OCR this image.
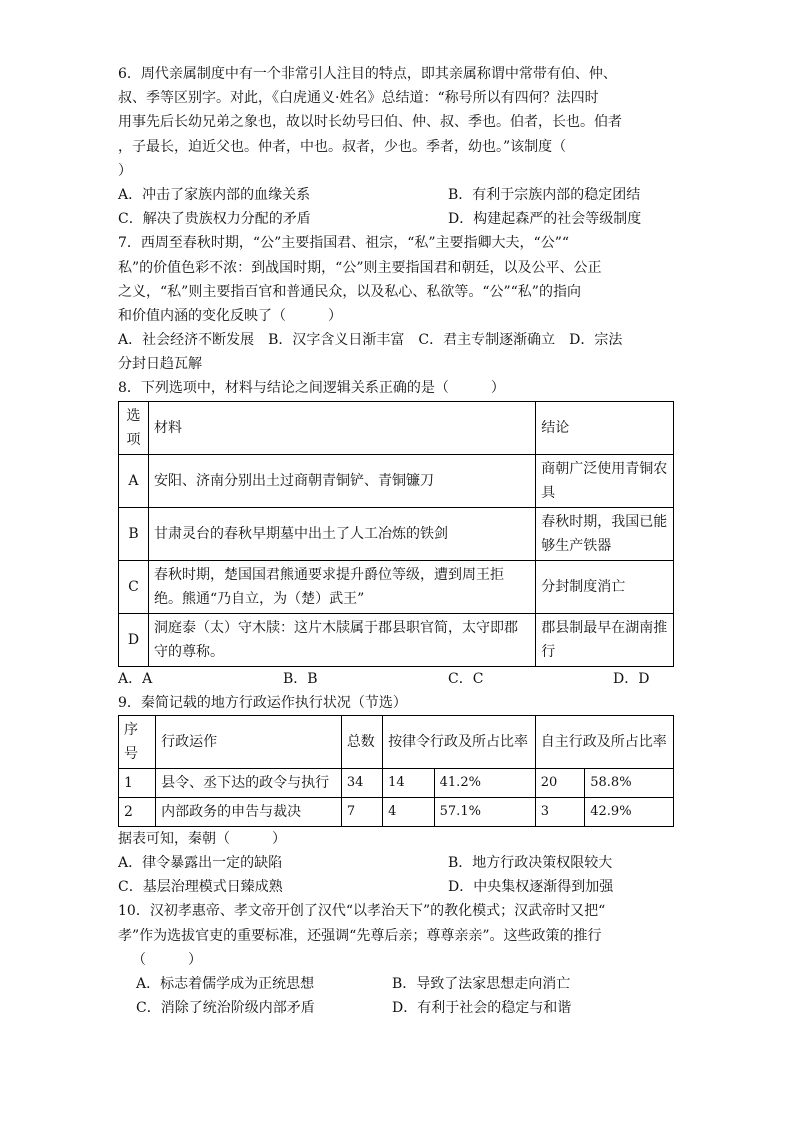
6．周代亲属制度中有一个非常引人注目的特点，即其亲属称谓中常带有伯、仲、
叔、季等区别字。对此，《白虎通义·姓名》总结道：“称号所以有四何？法四时
用事先后长幼兄弟之象也，故以时长幼号曰伯、仲、叔、季也。伯者，长也。伯者
，子最长，迫近父也。仲者，中也。叔者，少也。季者，幼也。”该制度（
）
A．冲击了家族内部的血缘关系	B．有利于宗族内部的稳定团结
C．解决了贵族权力分配的矛盾	D．构建起森严的社会等级制度
7．西周至春秋时期，“公”主要指国君、祖宗，“私”主要指卿大夫，“公”“
私”的价值色彩不浓：到战国时期，“公”则主要指国君和朝廷，以及公平、公正
之义，“私”则主要指百官和普通民众，以及私心、私欲等。“公”“私”的指向
和价值内涵的变化反映了（　　　）
A．社会经济不断发展　B．汉字含义日渐丰富　C．君主专制逐渐确立　D．宗法
分封日趋瓦解
8．下列选项中，材料与结论之间逻辑关系正确的是（　　　）
选项	材料	结论
A	安阳、济南分别出土过商朝青铜铲、青铜镰刀	商朝广泛使用青铜农具
B	甘肃灵台的春秋早期墓中出土了人工冶炼的铁剑	春秋时期，我国已能够生产铁器
C	春秋时期，楚国国君熊通要求提升爵位等级，遭到周王拒绝。熊通“乃自立，为（楚）武王”	分封制度消亡
D	洞庭泰（太）守木牍：这片木牍属于郡县职官简，太守即郡守的尊称。	郡县制最早在湖南推行
A．A	B．B	C．C	D．D
9．秦简记载的地方行政运作执行状况（节选）
序号	行政运作	总数	按律令行政及所占比率		自主行政及所占比率	
1	县令、丞下达的政令与执行	34	14	41.2%	20	58.8%
2	内部政务的申告与裁决	7	4	57.1%	3	42.9%
据表可知，秦朝（　　　）
A．律令暴露出一定的缺陷	B．地方行政决策权限较大
C．基层治理模式日臻成熟	D．中央集权逐渐得到加强
10．汉初孝惠帝、孝文帝开创了汉代“以孝治天下”的教化模式；汉武帝时又把“
孝”作为选拔官吏的重要标准，还强调“先尊后亲；尊尊亲亲”。这些政策的推行
（　　　）
A．标志着儒学成为正统思想	B．导致了法家思想走向消亡
C．消除了统治阶级内部矛盾	D．有利于社会的稳定与和谐
